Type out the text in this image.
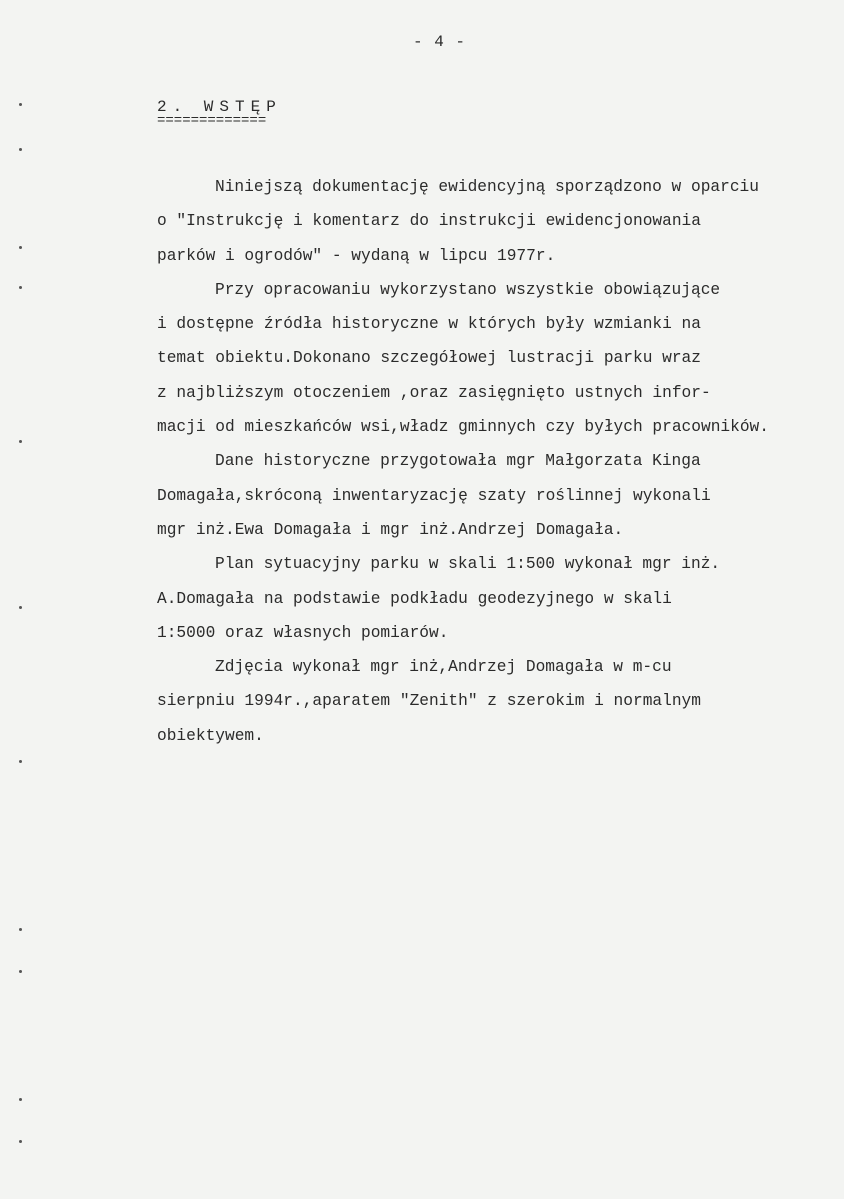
- 4 -
2. WSTĘP
=============
Niniejszą dokumentację ewidencyjną sporządzono w oparciu
o "Instrukcję i komentarz do instrukcji ewidencjonowania
parków i ogrodów" - wydaną w lipcu 1977r.
Przy opracowaniu wykorzystano wszystkie obowiązujące
i dostępne źródła historyczne w których były wzmianki na
temat obiektu.Dokonano szczegółowej lustracji parku wraz
z najbliższym otoczeniem ,oraz zasięgnięto ustnych infor-
macji od mieszkańców wsi,władz gminnych czy byłych pracowników.
Dane historyczne przygotowała mgr Małgorzata Kinga
Domagała,skróconą inwentaryzację szaty roślinnej wykonali
mgr inż.Ewa Domagała i mgr inż.Andrzej Domagała.
Plan sytuacyjny parku w skali 1:500 wykonał mgr inż.
A.Domagała na podstawie podkładu geodezyjnego w skali
1:5000 oraz własnych pomiarów.
Zdjęcia wykonał mgr inż,Andrzej Domagała w m-cu
sierpniu 1994r.,aparatem "Zenith" z szerokim i normalnym
obiektywem.
